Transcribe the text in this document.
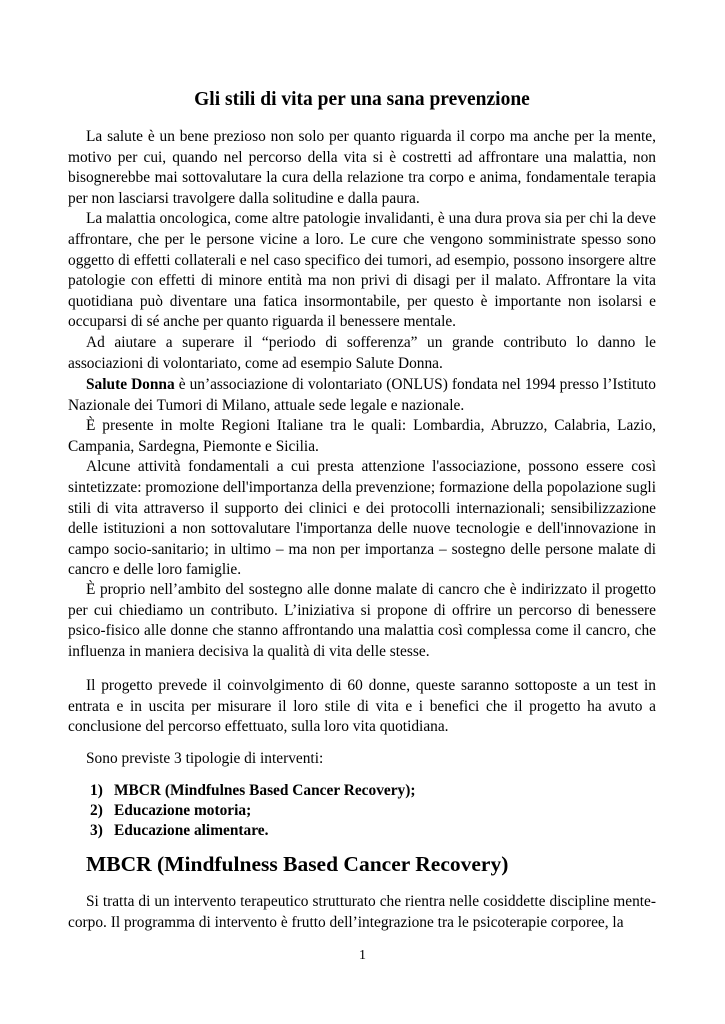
Gli stili di vita per una sana prevenzione

La salute è un bene prezioso non solo per quanto riguarda il corpo ma anche per la mente, motivo per cui, quando nel percorso della vita si è costretti ad affrontare una malattia, non bisognerebbe mai sottovalutare la cura della relazione tra corpo e anima, fondamentale terapia per non lasciarsi travolgere dalla solitudine e dalla paura.

La malattia oncologica, come altre patologie invalidanti, è una dura prova sia per chi la deve affrontare, che per le persone vicine a loro. Le cure che vengono somministrate spesso sono oggetto di effetti collaterali e nel caso specifico dei tumori, ad esempio, possono insorgere altre patologie con effetti di minore entità ma non privi di disagi per il malato. Affrontare la vita quotidiana può diventare una fatica insormontabile, per questo è importante non isolarsi e occuparsi di sé anche per quanto riguarda il benessere mentale.

Ad aiutare a superare il “periodo di sofferenza” un grande contributo lo danno le associazioni di volontariato, come ad esempio Salute Donna.

Salute Donna è un’associazione di volontariato (ONLUS) fondata nel 1994 presso l’Istituto Nazionale dei Tumori di Milano, attuale sede legale e nazionale.

È presente in molte Regioni Italiane tra le quali: Lombardia, Abruzzo, Calabria, Lazio, Campania, Sardegna, Piemonte e Sicilia.

Alcune attività fondamentali a cui presta attenzione l'associazione, possono essere così sintetizzate: promozione dell'importanza della prevenzione; formazione della popolazione sugli stili di vita attraverso il supporto dei clinici e dei protocolli internazionali; sensibilizzazione delle istituzioni a non sottovalutare l'importanza delle nuove tecnologie e dell'innovazione in campo socio-sanitario; in ultimo – ma non per importanza – sostegno delle persone malate di cancro e delle loro famiglie.

È proprio nell’ambito del sostegno alle donne malate di cancro che è indirizzato il progetto per cui chiediamo un contributo. L’iniziativa si propone di offrire un percorso di benessere psico-fisico alle donne che stanno affrontando una malattia così complessa come il cancro, che influenza in maniera decisiva la qualità di vita delle stesse.

Il progetto prevede il coinvolgimento di 60 donne, queste saranno sottoposte a un test in entrata e in uscita per misurare il loro stile di vita e i benefici che il progetto ha avuto a conclusione del percorso effettuato, sulla loro vita quotidiana.

Sono previste 3 tipologie di interventi:

1) MBCR (Mindfulnes Based Cancer Recovery);
2) Educazione motoria;
3) Educazione alimentare.
MBCR (Mindfulness Based Cancer Recovery)

Si tratta di un intervento terapeutico strutturato che rientra nelle cosiddette discipline mente-corpo. Il programma di intervento è frutto dell’integrazione tra le psicoterapie corporee, la

1
